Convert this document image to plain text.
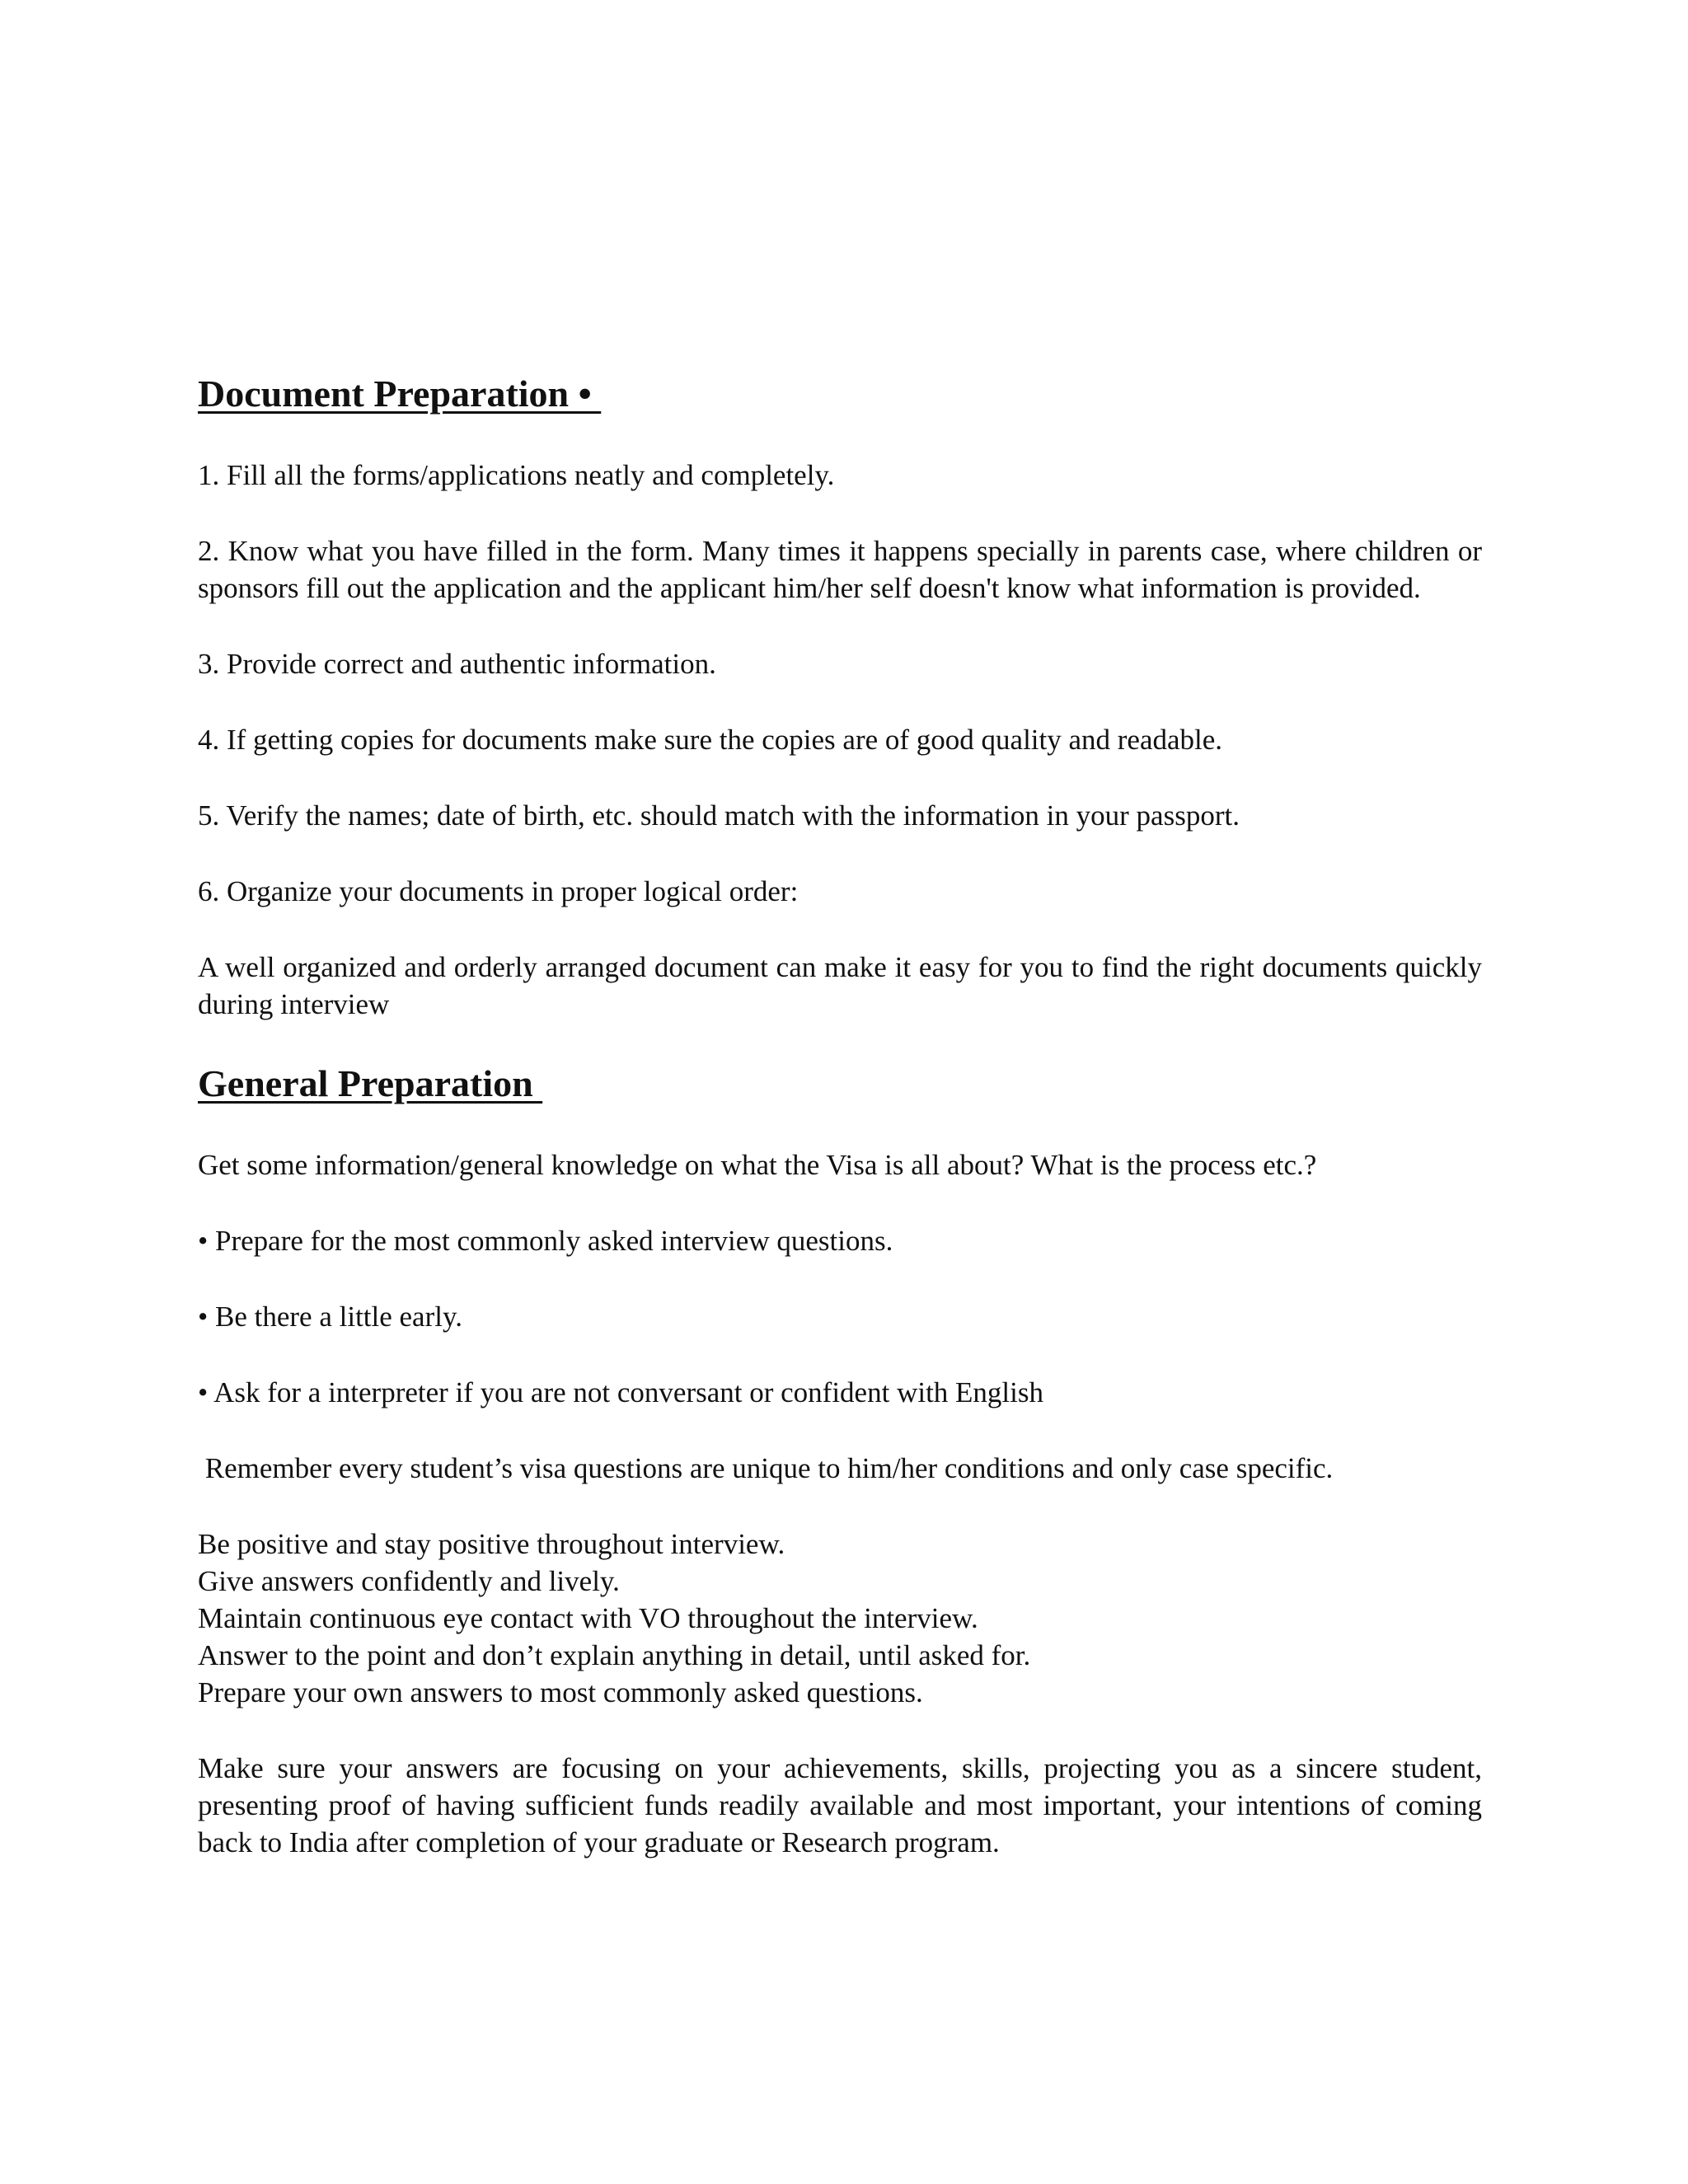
Document Preparation •

1. Fill all the forms/applications neatly and completely.

2. Know what you have filled in the form. Many times it happens specially in parents case, where children or sponsors fill out the application and the applicant him/her self doesn't know what information is provided.

3. Provide correct and authentic information.

4. If getting copies for documents make sure the copies are of good quality and readable.

5. Verify the names; date of birth, etc. should match with the information in your passport.

6. Organize your documents in proper logical order:

A well organized and orderly arranged document can make it easy for you to find the right documents quickly during interview

General Preparation

Get some information/general knowledge on what the Visa is all about? What is the process etc.?

• Prepare for the most commonly asked interview questions.

• Be there a little early.

• Ask for a interpreter if you are not conversant or confident with English

Remember every student’s visa questions are unique to him/her conditions and only case specific.

Be positive and stay positive throughout interview.

Give answers confidently and lively.

Maintain continuous eye contact with VO throughout the interview.

Answer to the point and don’t explain anything in detail, until asked for.

Prepare your own answers to most commonly asked questions.

Make sure your answers are focusing on your achievements, skills, projecting you as a sincere student, presenting proof of having sufficient funds readily available and most important, your intentions of coming back to India after completion of your graduate or Research program.
